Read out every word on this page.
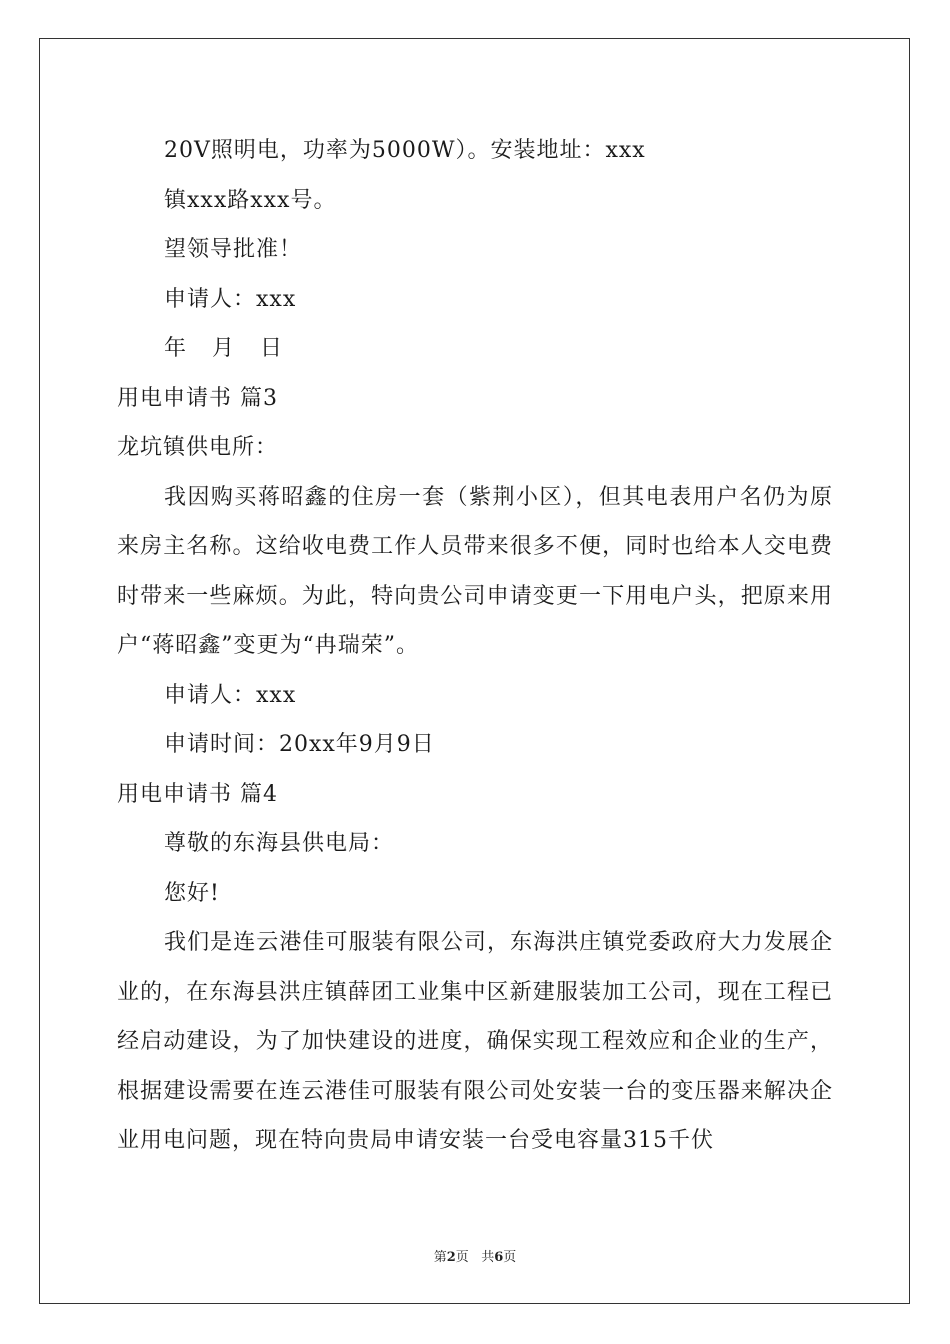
20V照明电，功率为5000W）。安装地址：xxx
镇xxx路xxx号。
望领导批准！
申请人：xxx
年 月 日
用电申请书 篇3
龙坑镇供电所：

我因购买蒋昭鑫的住房一套（紫荆小区），但其电表用户名仍为原来房主名称。这给收电费工作人员带来很多不便，同时也给本人交电费时带来一些麻烦。为此，特向贵公司申请变更一下用电户头，把原来用户“蒋昭鑫”变更为“冉瑞荣”。

申请人：xxx
申请时间：20xx年9月9日
用电申请书 篇4
尊敬的东海县供电局：
您好!

我们是连云港佳可服装有限公司，东海洪庄镇党委政府大力发展企业的，在东海县洪庄镇薛团工业集中区新建服装加工公司，现在工程已经启动建设，为了加快建设的进度，确保实现工程效应和企业的生产，根据建设需要在连云港佳可服装有限公司处安装一台的变压器来解决企业用电问题，现在特向贵局申请安装一台受电容量315千伏

第2页 共6页
